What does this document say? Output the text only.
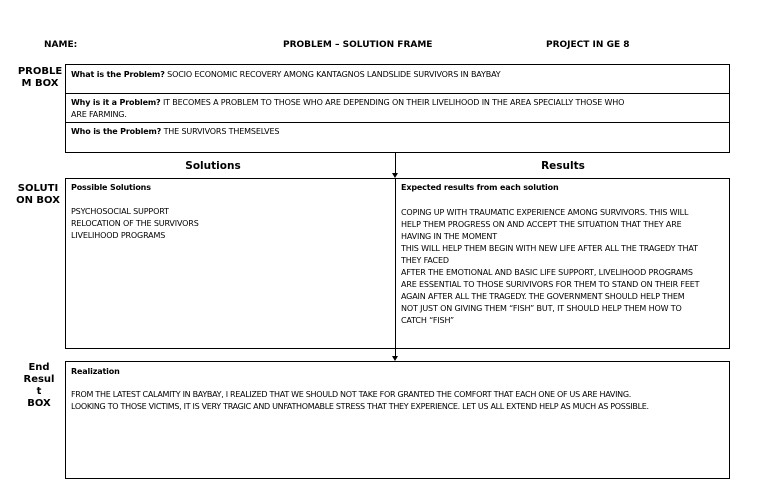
NAME:	PROBLEM – SOLUTION FRAME	PROJECT IN GE 8
PROBLE
M BOX
SOLUTI
ON BOX
End
Resul
t
BOX
What is the Problem? SOCIO ECONOMIC RECOVERY AMONG KANTAGNOS LANDSLIDE SURVIVORS IN BAYBAY
Why is it a Problem? IT BECOMES A PROBLEM TO THOSE WHO ARE DEPENDING ON THEIR LIVELIHOOD IN THE AREA SPECIALLY THOSE WHO
ARE FARMING.
Who is the Problem? THE SURVIVORS THEMSELVES
Solutions	Results
Possible Solutions
PSYCHOSOCIAL SUPPORT
RELOCATION OF THE SURVIVORS
LIVELIHOOD PROGRAMS
Expected results from each solution
COPING UP WITH TRAUMATIC EXPERIENCE AMONG SURVIVORS. THIS WILL
HELP THEM PROGRESS ON AND ACCEPT THE SITUATION THAT THEY ARE
HAVING IN THE MOMENT
THIS WILL HELP THEM BEGIN WITH NEW LIFE AFTER ALL THE TRAGEDY THAT
THEY FACED
AFTER THE EMOTIONAL AND BASIC LIFE SUPPORT, LIVELIHOOD PROGRAMS
ARE ESSENTIAL TO THOSE SURIVIVORS FOR THEM TO STAND ON THEIR FEET
AGAIN AFTER ALL THE TRAGEDY. THE GOVERNMENT SHOULD HELP THEM
NOT JUST ON GIVING THEM “FISH” BUT, IT SHOULD HELP THEM HOW TO
CATCH “FISH”
Realization
FROM THE LATEST CALAMITY IN BAYBAY, I REALIZED THAT WE SHOULD NOT TAKE FOR GRANTED THE COMFORT THAT EACH ONE OF US ARE HAVING.
LOOKING TO THOSE VICTIMS, IT IS VERY TRAGIC AND UNFATHOMABLE STRESS THAT THEY EXPERIENCE. LET US ALL EXTEND HELP AS MUCH AS POSSIBLE.
